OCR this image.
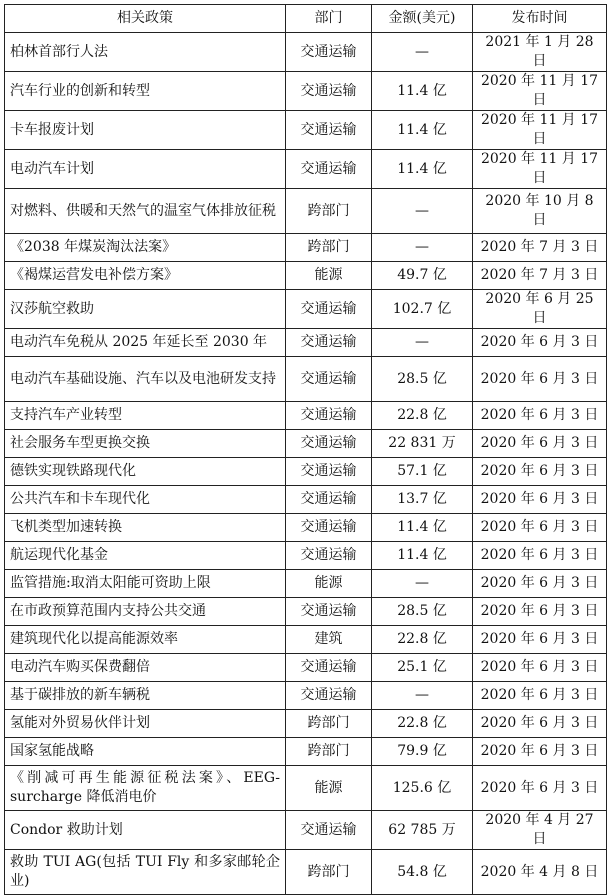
相关政策	部门	金额(美元)	发布时间
柏林首部行人法	交通运输	—	2021 年 1 月 28 日
汽车行业的创新和转型	交通运输	11.4 亿	2020 年 11 月 17 日
卡车报废计划	交通运输	11.4 亿	2020 年 11 月 17 日
电动汽车计划	交通运输	11.4 亿	2020 年 11 月 17 日
对燃料、供暖和天然气的温室气体排放征税	跨部门	—	2020 年 10 月 8 日
《2038 年煤炭淘汰法案》	跨部门	—	2020 年 7 月 3 日
《褐煤运营发电补偿方案》	能源	49.7 亿	2020 年 7 月 3 日
汉莎航空救助	交通运输	102.7 亿	2020 年 6 月 25 日
电动汽车免税从 2025 年延长至 2030 年	交通运输	—	2020 年 6 月 3 日
电动汽车基础设施、汽车以及电池研发支持	交通运输	28.5 亿	2020 年 6 月 3 日
支持汽车产业转型	交通运输	22.8 亿	2020 年 6 月 3 日
社会服务车型更换交换	交通运输	22 831 万	2020 年 6 月 3 日
德铁实现铁路现代化	交通运输	57.1 亿	2020 年 6 月 3 日
公共汽车和卡车现代化	交通运输	13.7 亿	2020 年 6 月 3 日
飞机类型加速转换	交通运输	11.4 亿	2020 年 6 月 3 日
航运现代化基金	交通运输	11.4 亿	2020 年 6 月 3 日
监管措施:取消太阳能可资助上限	能源	—	2020 年 6 月 3 日
在市政预算范围内支持公共交通	交通运输	28.5 亿	2020 年 6 月 3 日
建筑现代化以提高能源效率	建筑	22.8 亿	2020 年 6 月 3 日
电动汽车购买保费翻倍	交通运输	25.1 亿	2020 年 6 月 3 日
基于碳排放的新车辆税	交通运输	—	2020 年 6 月 3 日
氢能对外贸易伙伴计划	跨部门	22.8 亿	2020 年 6 月 3 日
国家氢能战略	跨部门	79.9 亿	2020 年 6 月 3 日
《削减可再生能源征税法案》、EEG-surcharge 降低消电价	能源	125.6 亿	2020 年 6 月 3 日
Condor 救助计划	交通运输	62 785 万	2020 年 4 月 27 日
救助 TUI AG(包括 TUI Fly 和多家邮轮企业)	跨部门	54.8 亿	2020 年 4 月 8 日
